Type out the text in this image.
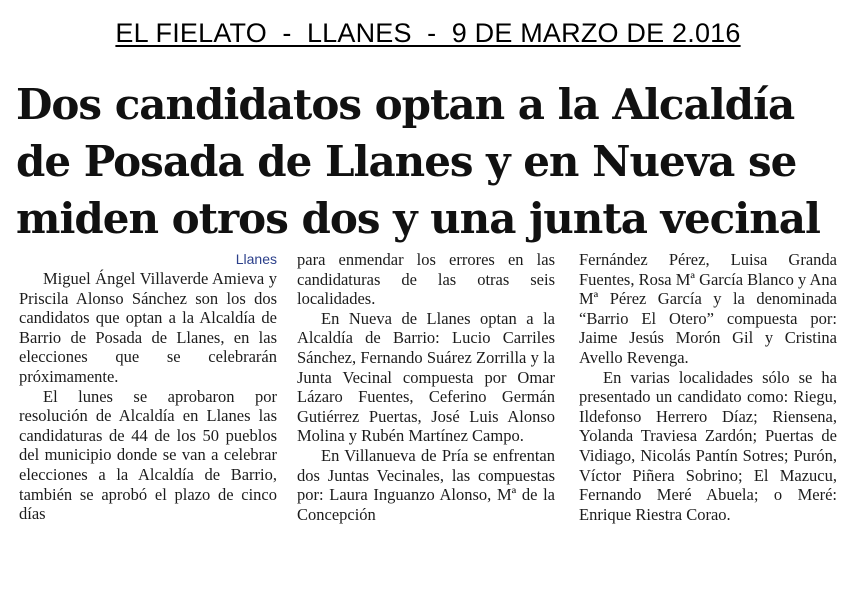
EL FIELATO  -  LLANES  -  9 DE MARZO DE 2.016
Dos candidatos optan a la Alcaldía
de Posada de Llanes y en Nueva se
miden otros dos y una junta vecinal
Llanes

Miguel Ángel Villaverde Amieva y Priscila Alonso Sánchez son los dos candidatos que optan a la Alcaldía de Barrio de Posada de Llanes, en las elecciones que se celebrarán próximamente.

El lunes se aprobaron por resolución de Alcaldía en Llanes las candidaturas de 44 de los 50 pueblos del municipio donde se van a celebrar elecciones a la Alcaldía de Barrio, también se aprobó el plazo de cinco días

para enmendar los errores en las candidaturas de las otras seis localidades.

En Nueva de Llanes optan a la Alcaldía de Barrio: Lucio Carriles Sánchez, Fernando Suárez Zorrilla y la Junta Vecinal compuesta por Omar Lázaro Fuentes, Ceferino Germán Gutiérrez Puertas, José Luis Alonso Molina y Rubén Martínez Campo.

En Villanueva de Pría se enfrentan dos Juntas Vecinales, las compuestas por: Laura Inguanzo Alonso, Mª de la Concepción

Fernández Pérez, Luisa Granda Fuentes, Rosa Mª García Blanco y Ana Mª Pérez García y la denominada “Barrio El Otero” compuesta por: Jaime Jesús Morón Gil y Cristina Avello Revenga.

En varias localidades sólo se ha presentado un candidato como: Riegu, Ildefonso Herrero Díaz; Riensena, Yolanda Traviesa Zardón; Puertas de Vidiago, Nicolás Pantín Sotres; Purón, Víctor Piñera Sobrino; El Mazucu, Fernando Meré Abuela; o Meré: Enrique Riestra Corao.
